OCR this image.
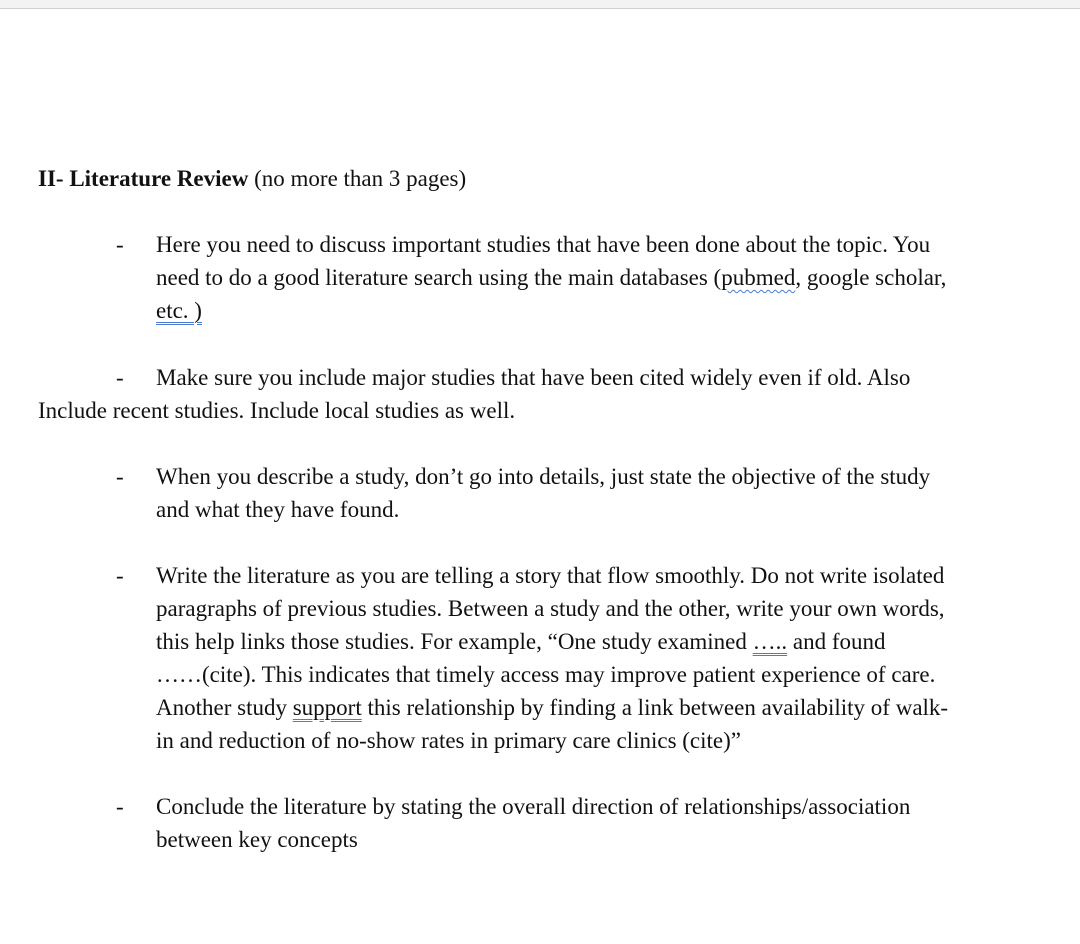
II- Literature Review (no more than 3 pages)
- Here you need to discuss important studies that have been done about the topic. You
need to do a good literature search using the main databases (pubmed, google scholar,
etc. )
- Make sure you include major studies that have been cited widely even if old. Also
Include recent studies. Include local studies as well.
- When you describe a study, don’t go into details, just state the objective of the study
and what they have found.
- Write the literature as you are telling a story that flow smoothly. Do not write isolated
paragraphs of previous studies. Between a study and the other, write your own words,
this help links those studies. For example, “One study examined ….. and found
……(cite). This indicates that timely access may improve patient experience of care.
Another study support this relationship by finding a link between availability of walk-
in and reduction of no-show rates in primary care clinics (cite)”
- Conclude the literature by stating the overall direction of relationships/association
between key concepts
